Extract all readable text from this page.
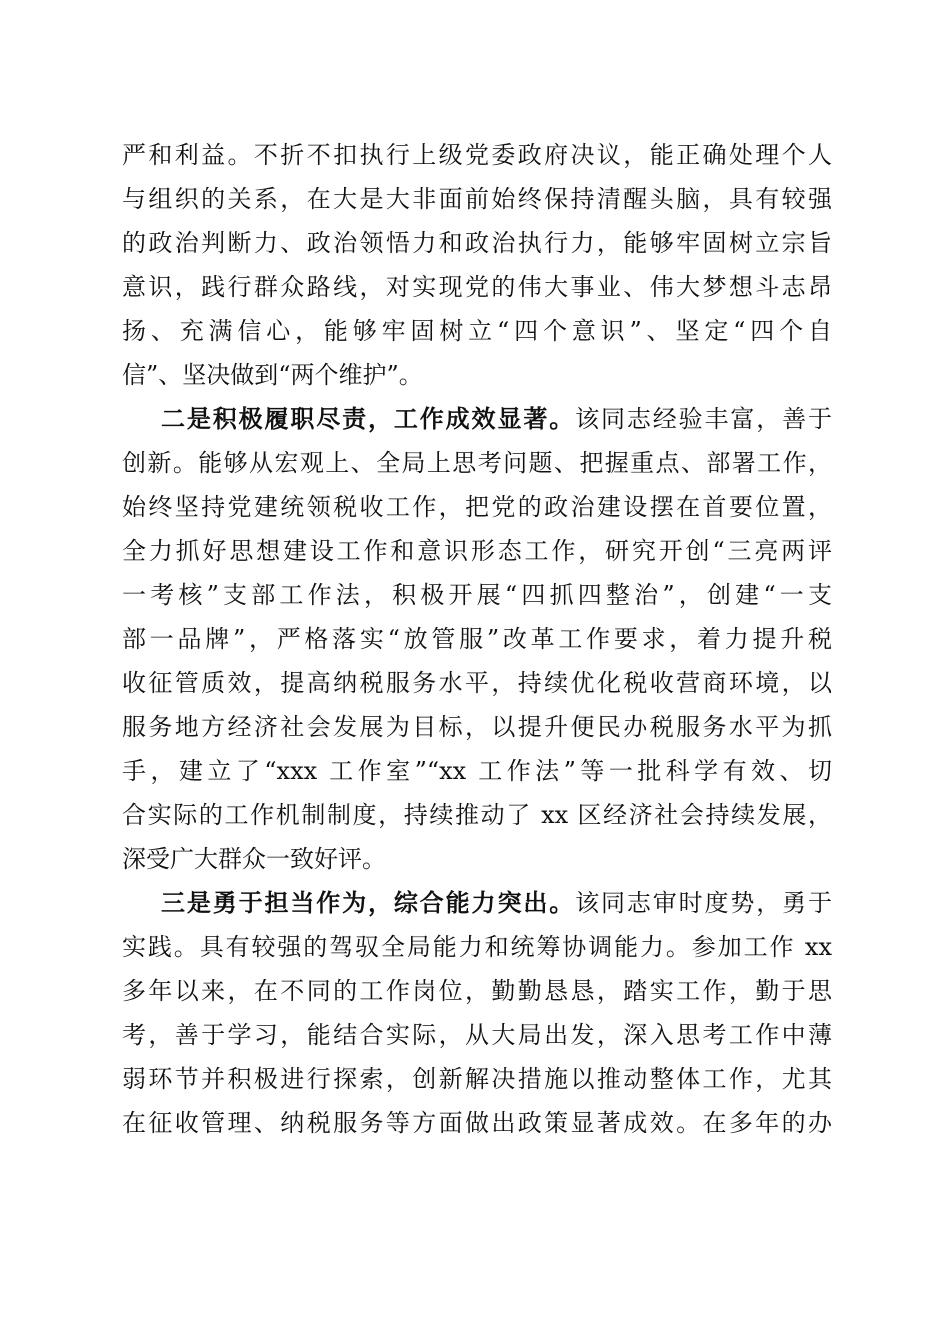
严和利益。不折不扣执行上级党委政府决议，能正确处理个人
与组织的关系，在大是大非面前始终保持清醒头脑，具有较强
的政治判断力、政治领悟力和政治执行力，能够牢固树立宗旨
意识，践行群众路线，对实现党的伟大事业、伟大梦想斗志昂
扬、充满信心，能够牢固树立“四个意识”、坚定“四个自
信”、坚决做到“两个维护”。
二是积极履职尽责，工作成效显著。该同志经验丰富，善于
创新。能够从宏观上、全局上思考问题、把握重点、部署工作，
始终坚持党建统领税收工作，把党的政治建设摆在首要位置，
全力抓好思想建设工作和意识形态工作，研究开创“三亮两评
一考核”支部工作法，积极开展“四抓四整治”，创建“一支
部一品牌”，严格落实“放管服”改革工作要求，着力提升税
收征管质效，提高纳税服务水平，持续优化税收营商环境，以
服务地方经济社会发展为目标，以提升便民办税服务水平为抓
手，建立了“xxx 工作室”“xx 工作法”等一批科学有效、切
合实际的工作机制制度，持续推动了 xx 区经济社会持续发展，
深受广大群众一致好评。
三是勇于担当作为，综合能力突出。该同志审时度势，勇于
实践。具有较强的驾驭全局能力和统筹协调能力。参加工作 xx
多年以来，在不同的工作岗位，勤勤恳恳，踏实工作，勤于思
考，善于学习，能结合实际，从大局出发，深入思考工作中薄
弱环节并积极进行探索，创新解决措施以推动整体工作，尤其
在征收管理、纳税服务等方面做出政策显著成效。在多年的办
